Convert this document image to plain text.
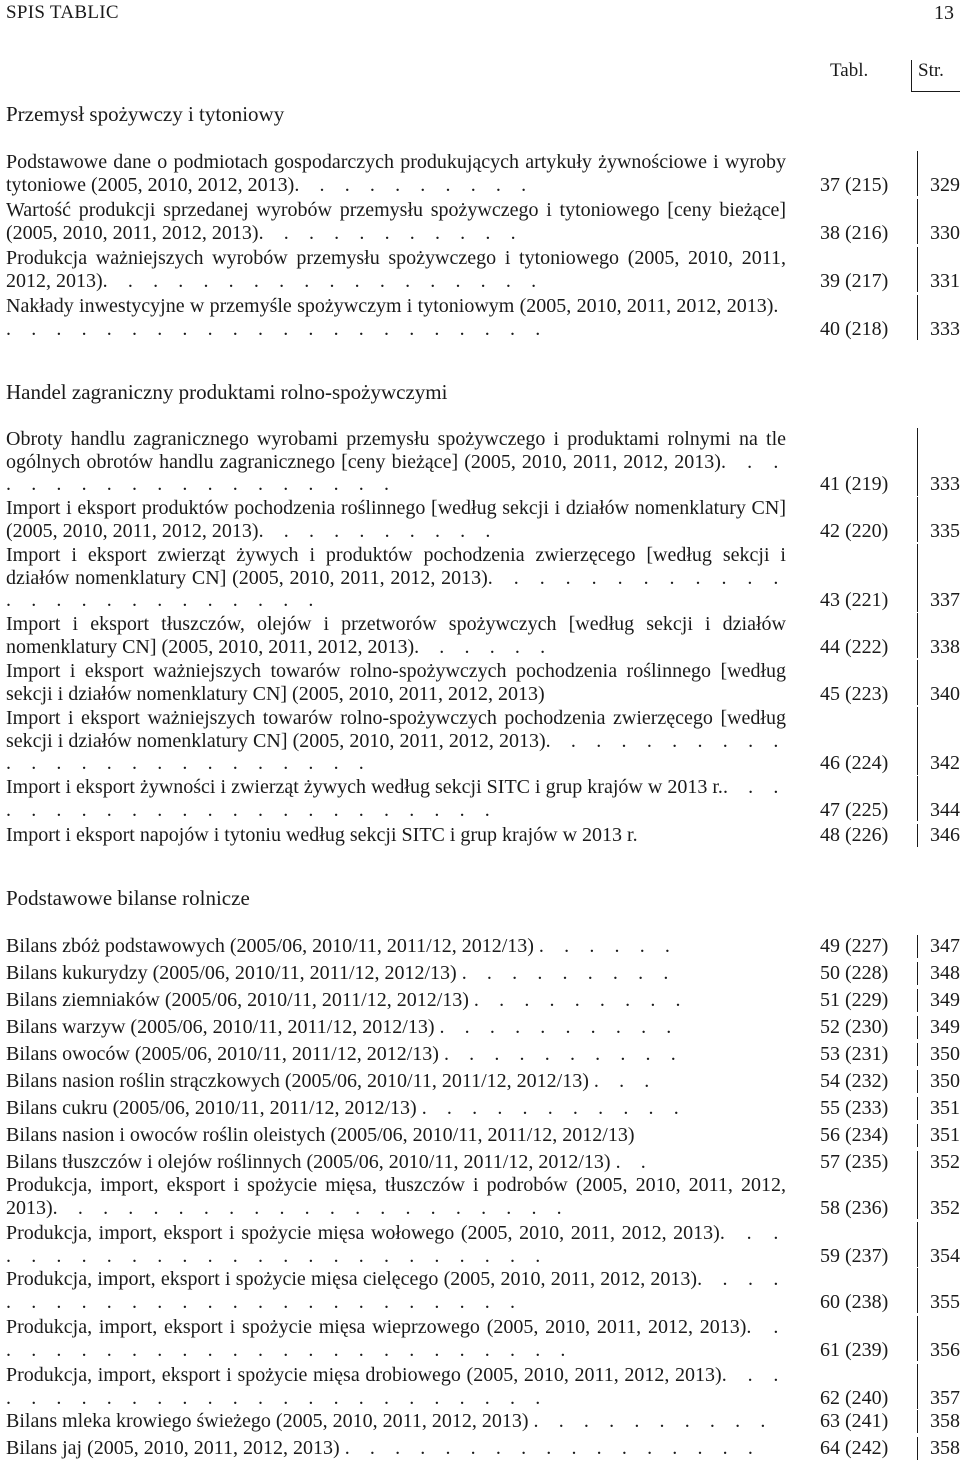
SPIS TABLIC	13
Tabl.	Str.
Przemysł spożywczy i tytoniowy
Podstawowe dane o podmiotach gospodarczych produkujących artykuły żywnościowe i wyroby tytoniowe (2005, 2010, 2012, 2013). . . . . . . . . .	37 (215)	329
Wartość produkcji sprzedanej wyrobów przemysłu spożywczego i tytoniowego [ceny bieżące] (2005, 2010, 2011, 2012, 2013). . . . . . . . . . .	38 (216)	330
Produkcja ważniejszych wyrobów przemysłu spożywczego i tytoniowego (2005, 2010, 2011, 2012, 2013). . . . . . . . . . . . . . . . . .	39 (217)	331
Nakłady inwestycyjne w przemyśle spożywczym i tytoniowym (2005, 2010, 2011, 2012, 2013). . . . . . . . . . . . . . . . . . . . . . .	40 (218)	333
Handel zagraniczny produktami rolno-spożywczymi
Obroty handlu zagranicznego wyrobami przemysłu spożywczego i produktami rolnymi na tle ogólnych obrotów handlu zagranicznego [ceny bieżące] (2005, 2010, 2011, 2012, 2013). . . . . . . . . . . . . . . . . . .	41 (219)	333
Import i eksport produktów pochodzenia roślinnego [według sekcji i działów nomenklatury CN] (2005, 2010, 2011, 2012, 2013). . . . . . . . . .	42 (220)	335
Import i eksport zwierząt żywych i produktów pochodzenia zwierzęcego [według sekcji i działów nomenklatury CN] (2005, 2010, 2011, 2012, 2013). . . . . . . . . . . . . . . . . . . . . . . . .	43 (221)	337
Import i eksport tłuszczów, olejów i przetworów spożywczych [według sekcji i działów nomenklatury CN] (2005, 2010, 2011, 2012, 2013). . . . . .	44 (222)	338
Import i eksport ważniejszych towarów rolno-spożywczych pochodzenia roślinnego [według sekcji i działów nomenklatury CN] (2005, 2010, 2011, 2012, 2013)	45 (223)	340
Import i eksport ważniejszych towarów rolno-spożywczych pochodzenia zwierzęcego [według sekcji i działów nomenklatury CN] (2005, 2010, 2011, 2012, 2013). . . . . . . . . . . . . . . . . . . . . . . . .	46 (224)	342
Import i eksport żywności i zwierząt żywych według sekcji SITC i grup krajów w 2013 r.. . . . . . . . . . . . . . . . . . . . . . .	47 (225)	344
Import i eksport napojów i tytoniu według sekcji SITC i grup krajów w 2013 r.	48 (226)	346
Podstawowe bilanse rolnicze
Bilans zbóż podstawowych (2005/06, 2010/11, 2011/12, 2012/13) . . . . . .	49 (227)	347
Bilans kukurydzy (2005/06, 2010/11, 2011/12, 2012/13) . . . . . . . . .	50 (228)	348
Bilans ziemniaków (2005/06, 2010/11, 2011/12, 2012/13) . . . . . . . . .	51 (229)	349
Bilans warzyw (2005/06, 2010/11, 2011/12, 2012/13) . . . . . . . . . .	52 (230)	349
Bilans owoców (2005/06, 2010/11, 2011/12, 2012/13) . . . . . . . . . .	53 (231)	350
Bilans nasion roślin strączkowych (2005/06, 2010/11, 2011/12, 2012/13) . . .	54 (232)	350
Bilans cukru (2005/06, 2010/11, 2011/12, 2012/13) . . . . . . . . . . .	55 (233)	351
Bilans nasion i owoców roślin oleistych (2005/06, 2010/11, 2011/12, 2012/13)	56 (234)	351
Bilans tłuszczów i olejów roślinnych (2005/06, 2010/11, 2011/12, 2012/13) . .	57 (235)	352
Produkcja, import, eksport i spożycie mięsa, tłuszczów i podrobów (2005, 2010, 2011, 2012, 2013). . . . . . . . . . . . . . . . . . . . .	58 (236)	352
Produkcja, import, eksport i spożycie mięsa wołowego (2005, 2010, 2011, 2012, 2013). . . . . . . . . . . . . . . . . . . . . . . . .	59 (237)	354
Produkcja, import, eksport i spożycie mięsa cielęcego (2005, 2010, 2011, 2012, 2013). . . . . . . . . . . . . . . . . . . . . . . . .	60 (238)	355
Produkcja, import, eksport i spożycie mięsa wieprzowego (2005, 2010, 2011, 2012, 2013). . . . . . . . . . . . . . . . . . . . . . . . .	61 (239)	356
Produkcja, import, eksport i spożycie mięsa drobiowego (2005, 2010, 2011, 2012, 2013). . . . . . . . . . . . . . . . . . . . . . . . .	62 (240)	357
Bilans mleka krowiego świeżego (2005, 2010, 2011, 2012, 2013) . . . . . . . . . .	63 (241)	358
Bilans jaj (2005, 2010, 2011, 2012, 2013) . . . . . . . . . . . . . . . . .	64 (242)	358
